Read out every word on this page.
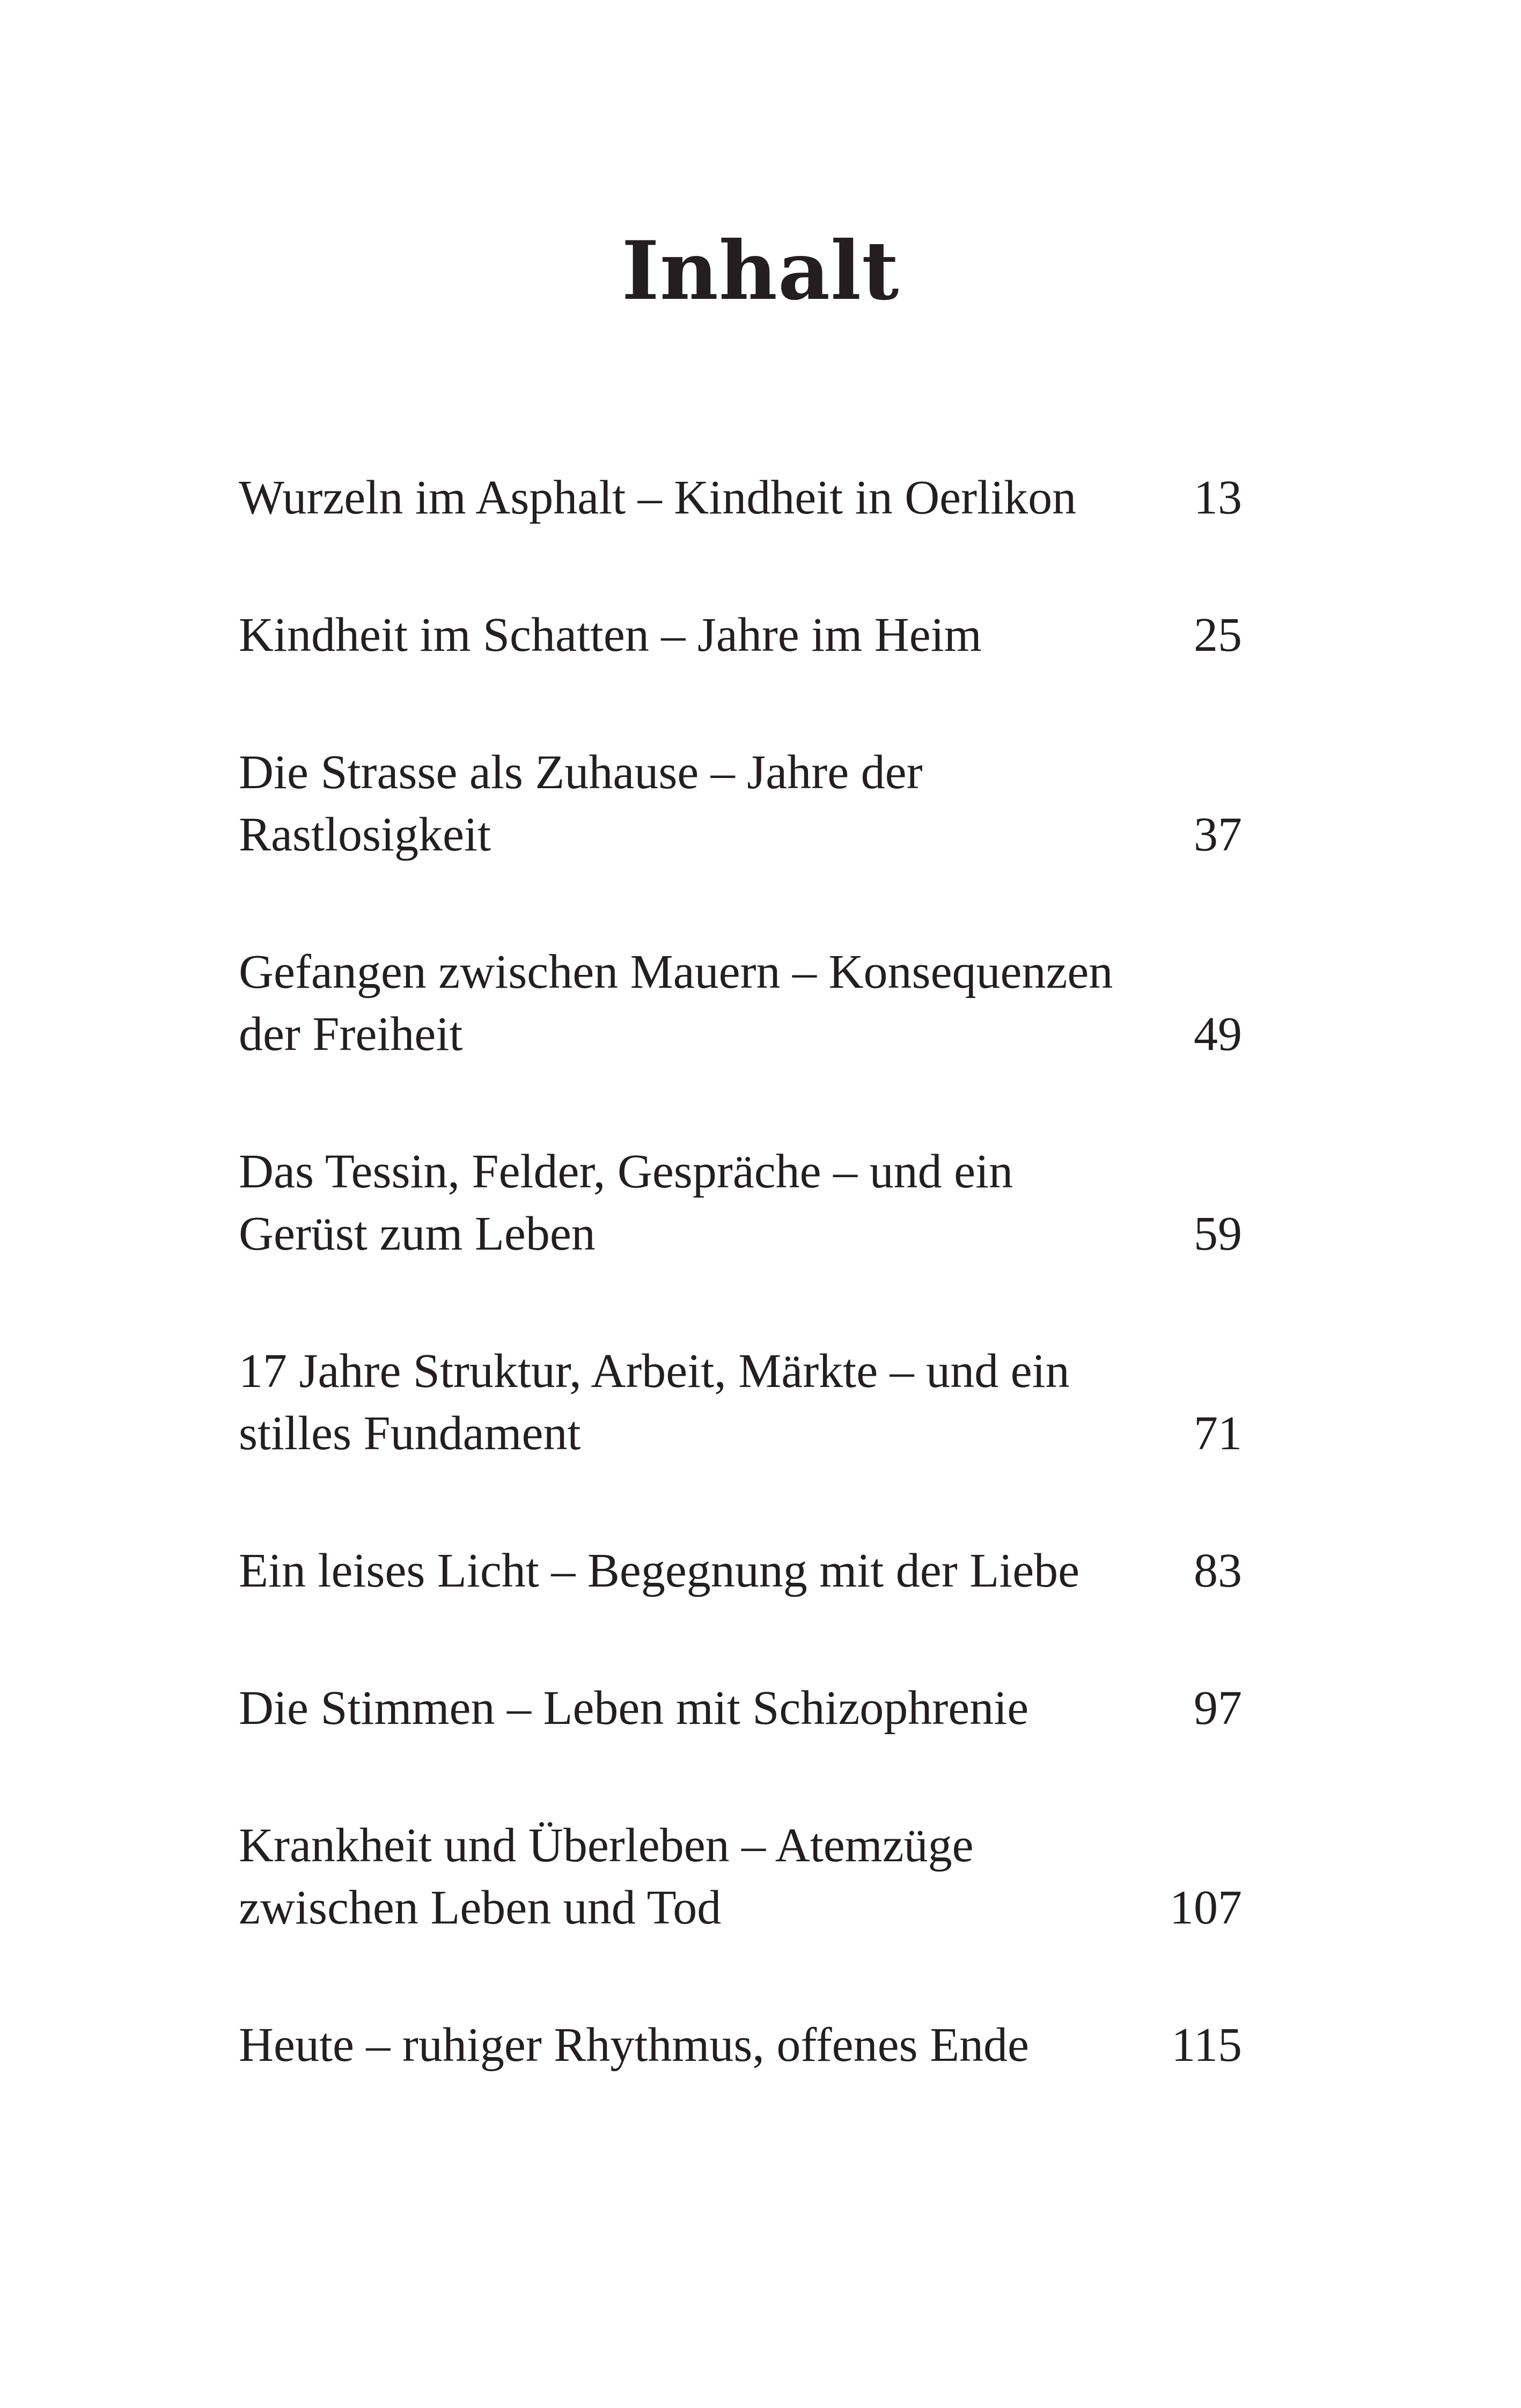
Inhalt
Wurzeln im Asphalt – Kindheit in Oerlikon	13
Kindheit im Schatten – Jahre im Heim	25
Die Strasse als Zuhause – Jahre der Rastlosigkeit	37
Gefangen zwischen Mauern – Konsequenzen der Freiheit	49
Das Tessin, Felder, Gespräche – und ein Gerüst zum Leben	59
17 Jahre Struktur, Arbeit, Märkte – und ein stilles Fundament	71
Ein leises Licht – Begegnung mit der Liebe	83
Die Stimmen – Leben mit Schizophrenie	97
Krankheit und Überleben – Atemzüge zwischen Leben und Tod	107
Heute – ruhiger Rhythmus, offenes Ende	115
